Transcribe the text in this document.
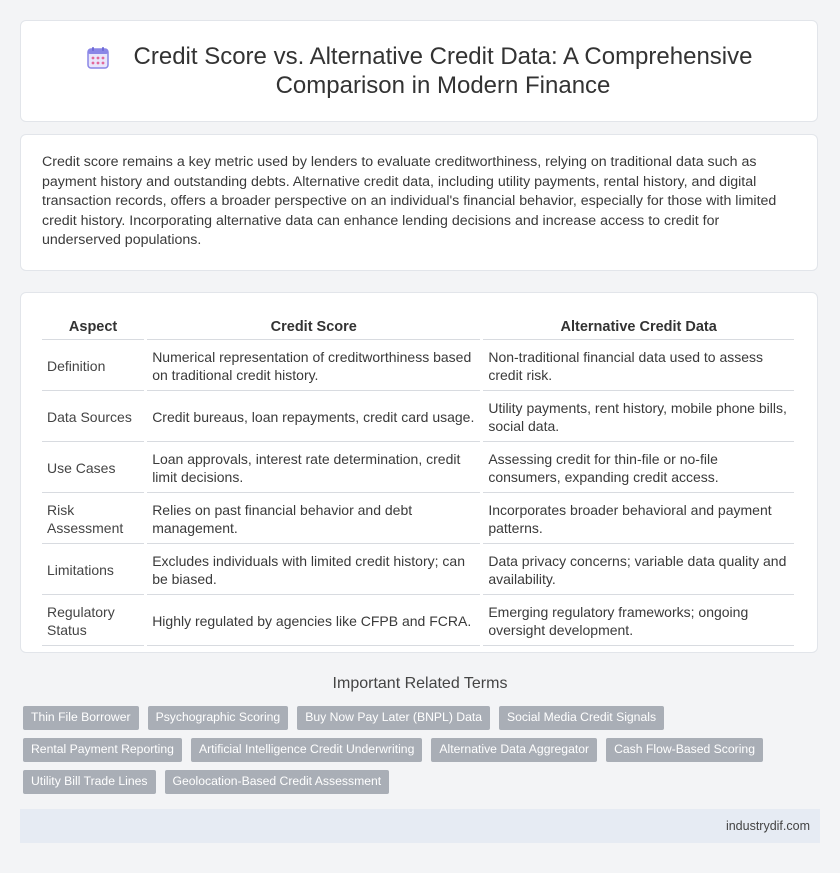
Credit Score vs. Alternative Credit Data: A Comprehensive Comparison in Modern Finance

Credit score remains a key metric used by lenders to evaluate creditworthiness, relying on traditional data such as payment history and outstanding debts. Alternative credit data, including utility payments, rental history, and digital transaction records, offers a broader perspective on an individual's financial behavior, especially for those with limited credit history. Incorporating alternative data can enhance lending decisions and increase access to credit for underserved populations.

Aspect	Credit Score	Alternative Credit Data
Definition	Numerical representation of creditworthiness based on traditional credit history.	Non-traditional financial data used to assess credit risk.
Data Sources	Credit bureaus, loan repayments, credit card usage.	Utility payments, rent history, mobile phone bills, social data.
Use Cases	Loan approvals, interest rate determination, credit limit decisions.	Assessing credit for thin-file or no-file consumers, expanding credit access.
Risk Assessment	Relies on past financial behavior and debt management.	Incorporates broader behavioral and payment patterns.
Limitations	Excludes individuals with limited credit history; can be biased.	Data privacy concerns; variable data quality and availability.
Regulatory Status	Highly regulated by agencies like CFPB and FCRA.	Emerging regulatory frameworks; ongoing oversight development.
Important Related Terms
Thin File Borrower	Psychographic Scoring	Buy Now Pay Later (BNPL) Data	Social Media Credit Signals
Rental Payment Reporting	Artificial Intelligence Credit Underwriting	Alternative Data Aggregator	Cash Flow-Based Scoring
Utility Bill Trade Lines	Geolocation-Based Credit Assessment
industrydif.com
